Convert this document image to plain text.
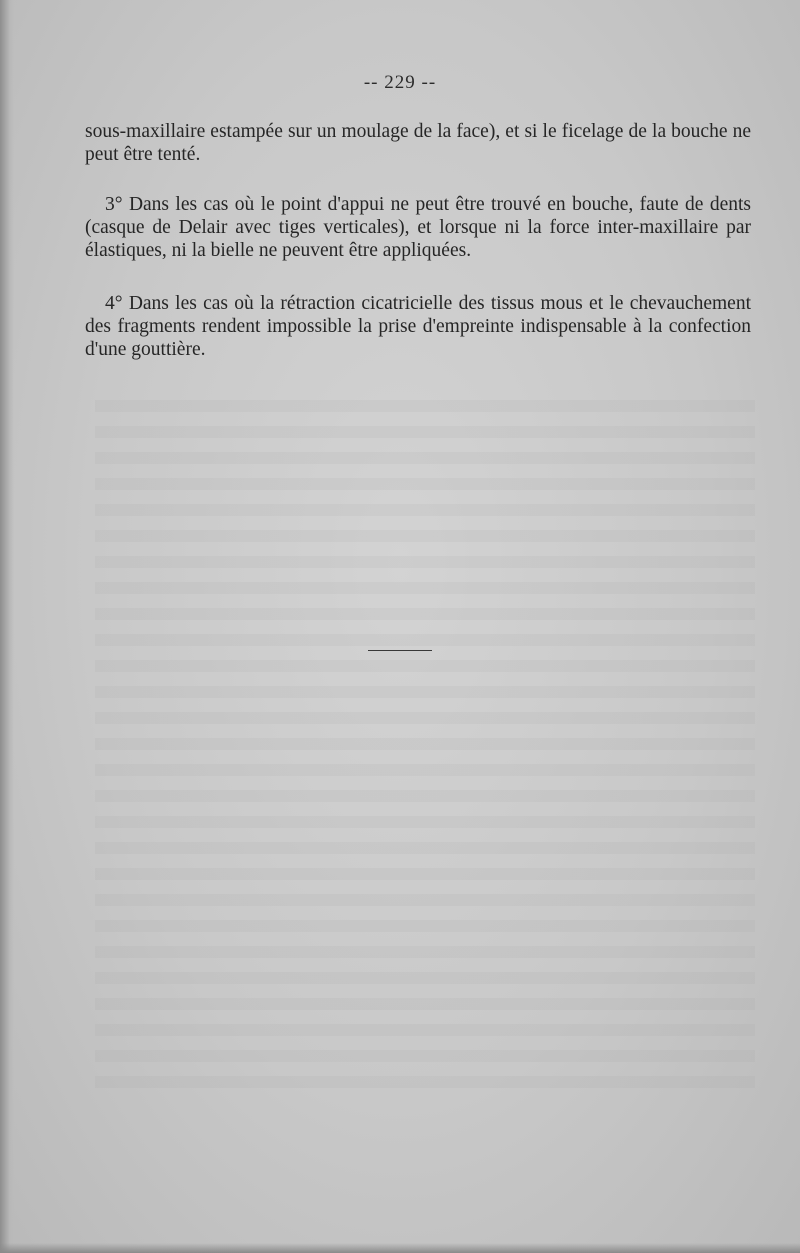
-- 229 --

sous-maxillaire estampée sur un moulage de la face), et si le ficelage de la bouche ne peut être tenté.

3° Dans les cas où le point d'appui ne peut être trouvé en bouche, faute de dents (casque de Delair avec tiges verticales), et lorsque ni la force inter-maxillaire par élastiques, ni la bielle ne peuvent être appliquées.

4° Dans les cas où la rétraction cicatricielle des tissus mous et le chevauchement des fragments rendent impossible la prise d'empreinte indispensable à la confection d'une gouttière.
